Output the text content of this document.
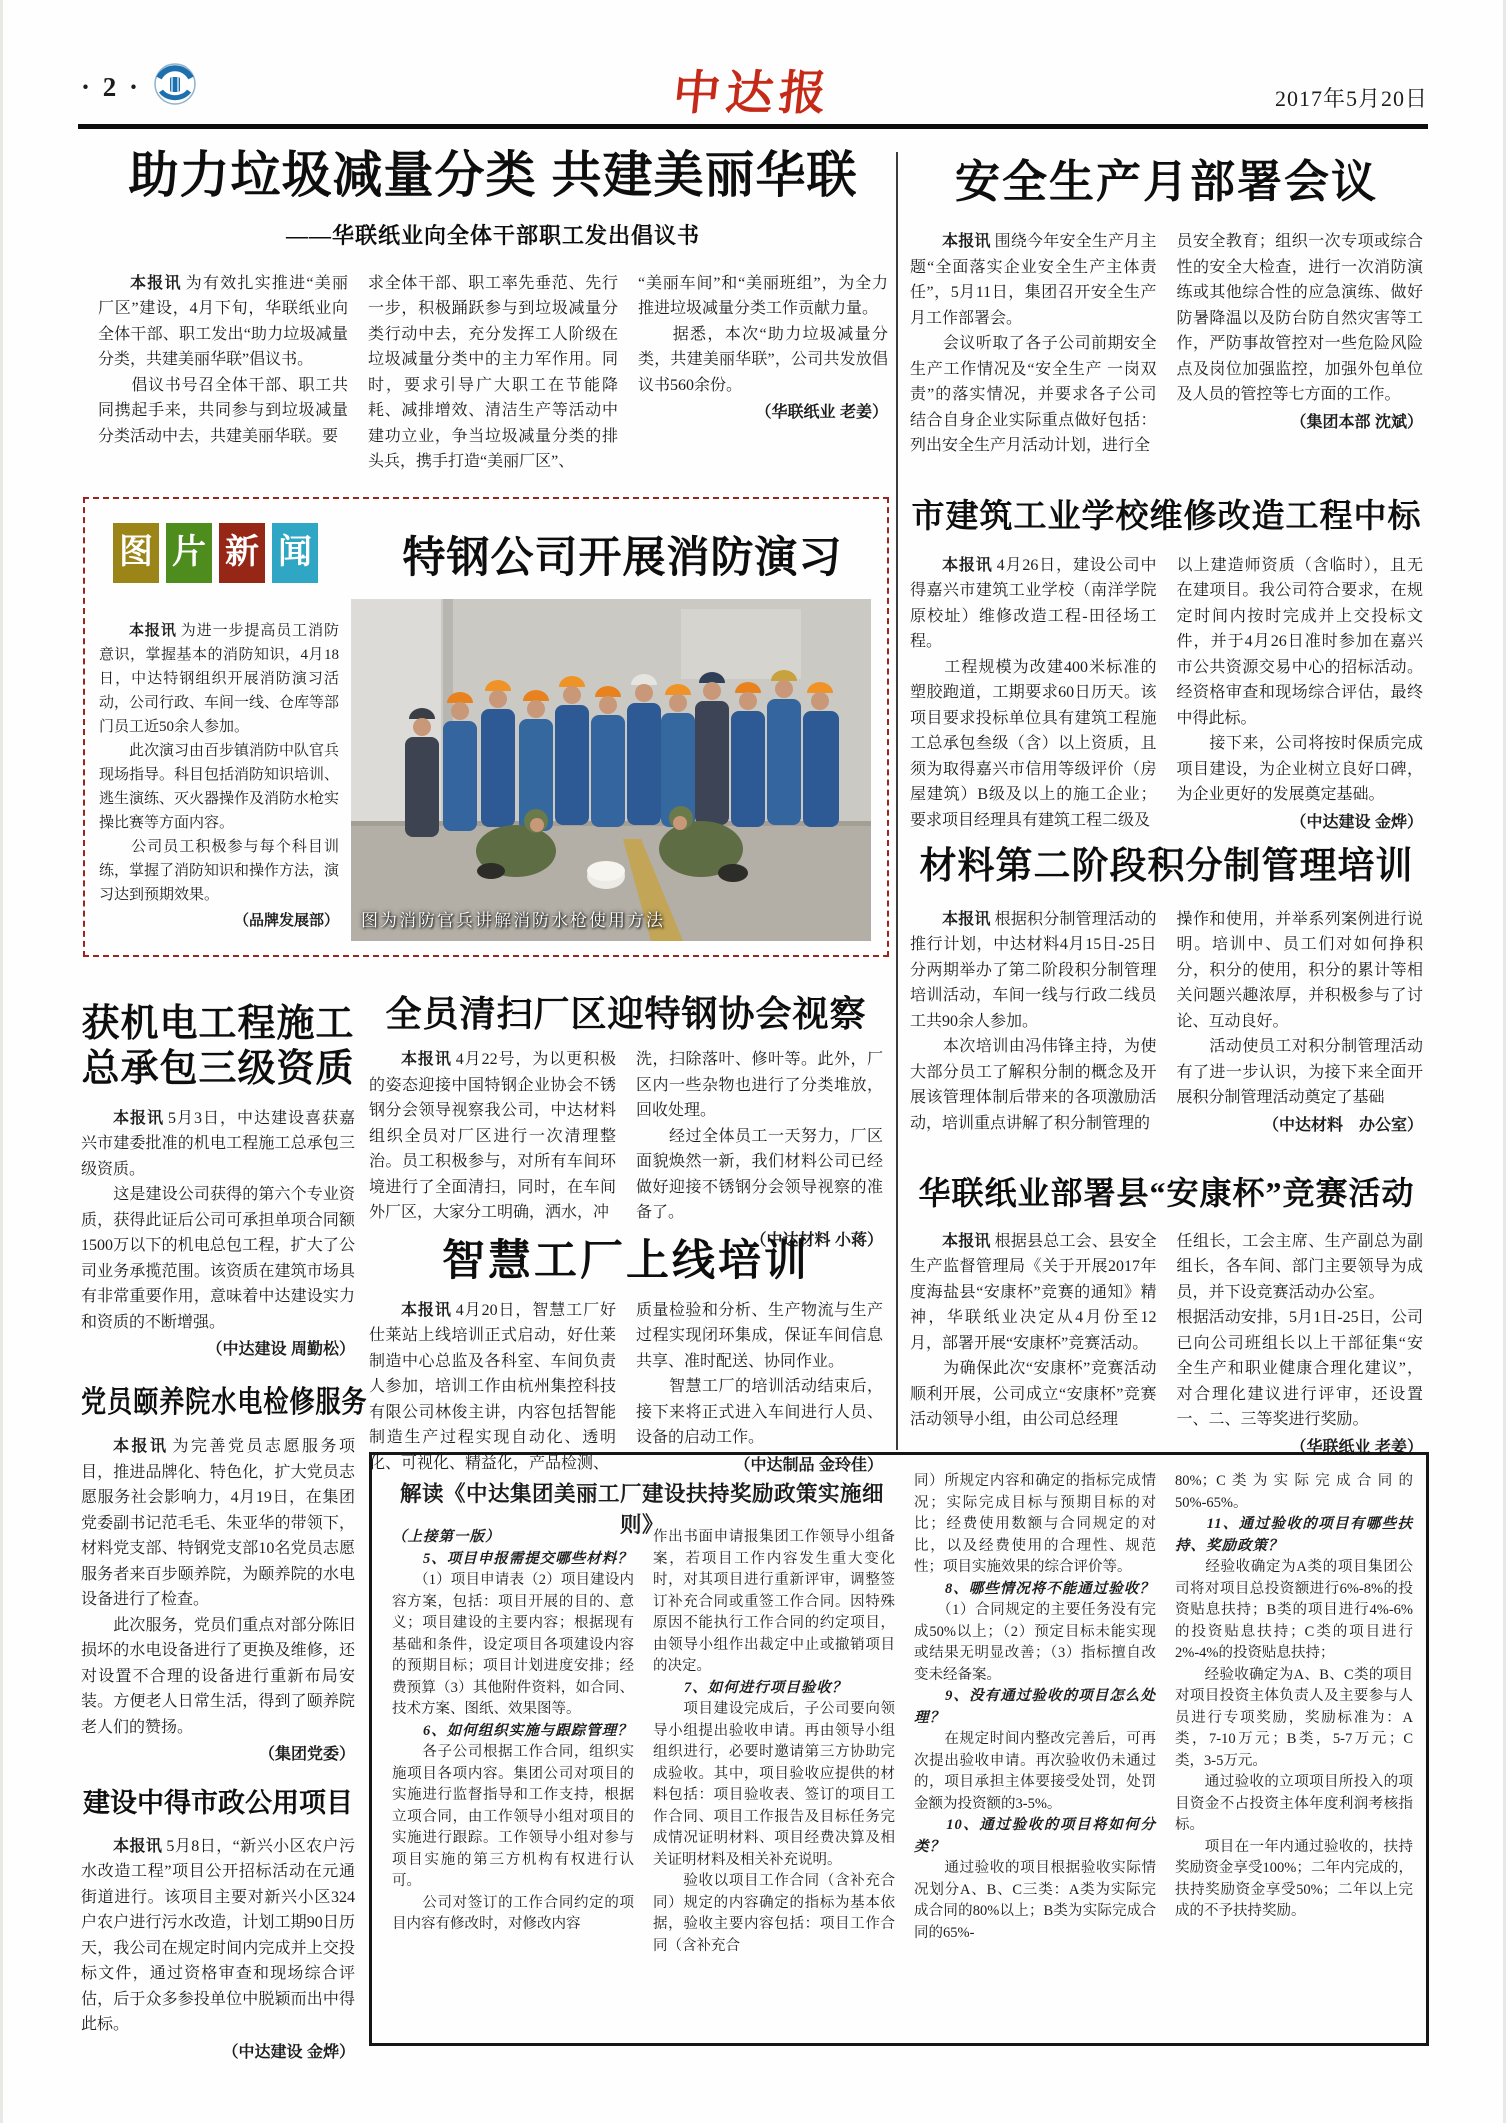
· 2 ·	中达报	2017年5月20日
助力垃圾减量分类 共建美丽华联
——华联纸业向全体干部职工发出倡议书

本报讯 为有效扎实推进“美丽厂区”建设，4月下旬，华联纸业向全体干部、职工发出“助力垃圾减量分类，共建美丽华联”倡议书。

　　倡议书号召全体干部、职工共同携起手来，共同参与到垃圾减量分类活动中去，共建美丽华联。要

求全体干部、职工率先垂范、先行一步，积极踊跃参与到垃圾减量分类行动中去，充分发挥工人阶级在垃圾减量分类中的主力军作用。同时，要求引导广大职工在节能降耗、减排增效、清洁生产等活动中建功立业，争当垃圾减量分类的排头兵，携手打造“美丽厂区”、

“美丽车间”和“美丽班组”，为全力推进垃圾减量分类工作贡献力量。

　　据悉，本次“助力垃圾减量分类，共建美丽华联”，公司共发放倡议书560余份。

（华联纸业 老姜）

安全生产月部署会议

本报讯 围绕今年安全生产月主题“全面落实企业安全生产主体责任”，5月11日，集团召开安全生产月工作部署会。

　　会议听取了各子公司前期安全生产工作情况及“安全生产 一岗双责”的落实情况，并要求各子公司结合自身企业实际重点做好包括：列出安全生产月活动计划，进行全

员安全教育；组织一次专项或综合性的安全大检查，进行一次消防演练或其他综合性的应急演练、做好防暑降温以及防台防自然灾害等工作，严防事故管控对一些危险风险点及岗位加强监控，加强外包单位及人员的管控等七方面的工作。

（集团本部 沈斌）

图 片 新 闻	特钢公司开展消防演习

本报讯 为进一步提高员工消防意识，掌握基本的消防知识，4月18日，中达特钢组织开展消防演习活动，公司行政、车间一线、仓库等部门员工近50余人参加。

　　此次演习由百步镇消防中队官兵现场指导。科目包括消防知识培训、逃生演练、灭火器操作及消防水枪实操比赛等方面内容。

　　公司员工积极参与每个科目训练，掌握了消防知识和操作方法，演习达到预期效果。

（品牌发展部） 图为消防官兵讲解消防水枪使用方法
市建筑工业学校维修改造工程中标

本报讯 4月26日，建设公司中得嘉兴市建筑工业学校（南洋学院原校址）维修改造工程-田径场工程。

　　工程规模为改建400米标准的塑胶跑道，工期要求60日历天。该项目要求投标单位具有建筑工程施工总承包叁级（含）以上资质，且须为取得嘉兴市信用等级评价（房屋建筑）B级及以上的施工企业；要求项目经理具有建筑工程二级及

以上建造师资质（含临时），且无在建项目。我公司符合要求，在规定时间内按时完成并上交投标文件，并于4月26日准时参加在嘉兴市公共资源交易中心的招标活动。经资格审查和现场综合评估，最终中得此标。

　　接下来，公司将按时保质完成项目建设，为企业树立良好口碑，为企业更好的发展奠定基础。

（中达建设 金烨）

材料第二阶段积分制管理培训

本报讯 根据积分制管理活动的推行计划，中达材料4月15日-25日分两期举办了第二阶段积分制管理培训活动，车间一线与行政二线员工共90余人参加。

　　本次培训由冯伟锋主持，为使大部分员工了解积分制的概念及开展该管理体制后带来的各项激励活动，培训重点讲解了积分制管理的

操作和使用，并举系列案例进行说明。培训中、员工们对如何挣积分，积分的使用，积分的累计等相关问题兴趣浓厚，并积极参与了讨论、互动良好。

　　活动使员工对积分制管理活动有了进一步认识，为接下来全面开展积分制管理活动奠定了基础

（中达材料　办公室）

华联纸业部署县“安康杯”竞赛活动

本报讯 根据县总工会、县安全生产监督管理局《关于开展2017年度海盐县“安康杯”竞赛的通知》精神，华联纸业决定从4月份至12月，部署开展“安康杯”竞赛活动。

　　为确保此次“安康杯”竞赛活动顺利开展，公司成立“安康杯”竞赛活动领导小组，由公司总经理

任组长，工会主席、生产副总为副组长，各车间、部门主要领导为成员，并下设竞赛活动办公室。

根据活动安排，5月1日-25日，公司已向公司班组长以上干部征集“安全生产和职业健康合理化建议”，对合理化建议进行评审，还设置一、二、三等奖进行奖励。

（华联纸业 老姜）

获机电工程施工
总承包三级资质

本报讯 5月3日，中达建设喜获嘉兴市建委批准的机电工程施工总承包三级资质。

　　这是建设公司获得的第六个专业资质，获得此证后公司可承担单项合同额1500万以下的机电总包工程，扩大了公司业务承揽范围。该资质在建筑市场具有非常重要作用，意味着中达建设实力和资质的不断增强。

（中达建设 周勤松）

党员颐养院水电检修服务

本报讯 为完善党员志愿服务项目，推进品牌化、特色化，扩大党员志愿服务社会影响力，4月19日，在集团党委副书记范毛毛、朱亚华的带领下，材料党支部、特钢党支部10名党员志愿服务者来百步颐养院，为颐养院的水电设备进行了检查。

　　此次服务，党员们重点对部分陈旧损坏的水电设备进行了更换及维修，还对设置不合理的设备进行重新布局安装。方便老人日常生活，得到了颐养院老人们的赞扬。

（集团党委）

建设中得市政公用项目

本报讯 5月8日，“新兴小区农户污水改造工程”项目公开招标活动在元通街道进行。该项目主要对新兴小区324户农户进行污水改造，计划工期90日历天，我公司在规定时间内完成并上交投标文件，通过资格审查和现场综合评估，后于众多参投单位中脱颖而出中得此标。

（中达建设 金烨）

全员清扫厂区迎特钢协会视察

本报讯 4月22号，为以更积极的姿态迎接中国特钢企业协会不锈钢分会领导视察我公司，中达材料组织全员对厂区进行一次清理整治。员工积极参与，对所有车间环境进行了全面清扫，同时，在车间外厂区，大家分工明确，洒水，冲

洗，扫除落叶、修叶等。此外，厂区内一些杂物也进行了分类堆放，回收处理。

　　经过全体员工一天努力，厂区面貌焕然一新，我们材料公司已经做好迎接不锈钢分会领导视察的准备了。

（中达材料 小蒋）

智慧工厂上线培训

本报讯 4月20日，智慧工厂好仕莱站上线培训正式启动，好仕莱制造中心总监及各科室、车间负责人参加，培训工作由杭州集控科技有限公司林俊主讲，内容包括智能制造生产过程实现自动化、透明化、可视化、精益化，产品检测、

质量检验和分析、生产物流与生产过程实现闭环集成，保证车间信息共享、准时配送、协同作业。

　　智慧工厂的培训活动结束后，接下来将正式进入车间进行人员、设备的启动工作。

（中达制品 金玲佳）

解读《中达集团美丽工厂建设扶持奖励政策实施细则》

（上接第一版）

　　5、项目申报需提交哪些材料？

　　（1）项目申请表（2）项目建设内容方案，包括：项目开展的目的、意义；项目建设的主要内容；根据现有基础和条件，设定项目各项建设内容的预期目标；项目计划进度安排；经费预算（3）其他附件资料，如合同、技术方案、图纸、效果图等。

　　6、如何组织实施与跟踪管理？

　　各子公司根据工作合同，组织实施项目各项内容。集团公司对项目的实施进行监督指导和工作支持，根据立项合同，由工作领导小组对项目的实施进行跟踪。工作领导小组对参与项目实施的第三方机构有权进行认可。

　　公司对签订的工作合同约定的项目内容有修改时，对修改内容

作出书面申请报集团工作领导小组备案，若项目工作内容发生重大变化时，对其项目进行重新评审，调整签订补充合同或重签工作合同。因特殊原因不能执行工作合同的约定项目，由领导小组作出裁定中止或撤销项目的决定。

　　7、如何进行项目验收？

　　项目建设完成后，子公司要向领导小组提出验收申请。再由领导小组组织进行，必要时邀请第三方协助完成验收。其中，项目验收应提供的材料包括：项目验收表、签订的项目工作合同、项目工作报告及目标任务完成情况证明材料、项目经费决算及相关证明材料及相关补充说明。

　　验收以项目工作合同（含补充合同）规定的内容确定的指标为基本依据，验收主要内容包括：项目工作合同（含补充合

同）所规定内容和确定的指标完成情况；实际完成目标与预期目标的对比；经费使用数额与合同规定的对比，以及经费使用的合理性、规范性；项目实施效果的综合评价等。

　　8、哪些情况将不能通过验收？

　　（1）合同规定的主要任务没有完成50%以上；（2）预定目标未能实现或结果无明显改善；（3）指标擅自改变未经备案。

　　9、没有通过验收的项目怎么处理？

　　在规定时间内整改完善后，可再次提出验收申请。再次验收仍未通过的，项目承担主体要接受处罚，处罚金额为投资额的3-5%。

　　10、通过验收的项目将如何分类？

　　通过验收的项目根据验收实际情况划分A、B、C三类：A类为实际完成合同的80%以上；B类为实际完成合同的65%-

80%；C类为实际完成合同的50%-65%。

　　11、通过验收的项目有哪些扶持、奖励政策？

　　经验收确定为A类的项目集团公司将对项目总投资额进行6%-8%的投资贴息扶持；B类的项目进行4%-6%的投资贴息扶持；C类的项目进行2%-4%的投资贴息扶持；

　　经验收确定为A、B、C类的项目对项目投资主体负责人及主要参与人员进行专项奖励，奖励标准为：A类，7-10万元；B类，5-7万元；C类，3-5万元。

　　通过验收的立项项目所投入的项目资金不占投资主体年度利润考核指标。

　　项目在一年内通过验收的，扶持奖励资金享受100%；二年内完成的，扶持奖励资金享受50%；二年以上完成的不予扶持奖励。
